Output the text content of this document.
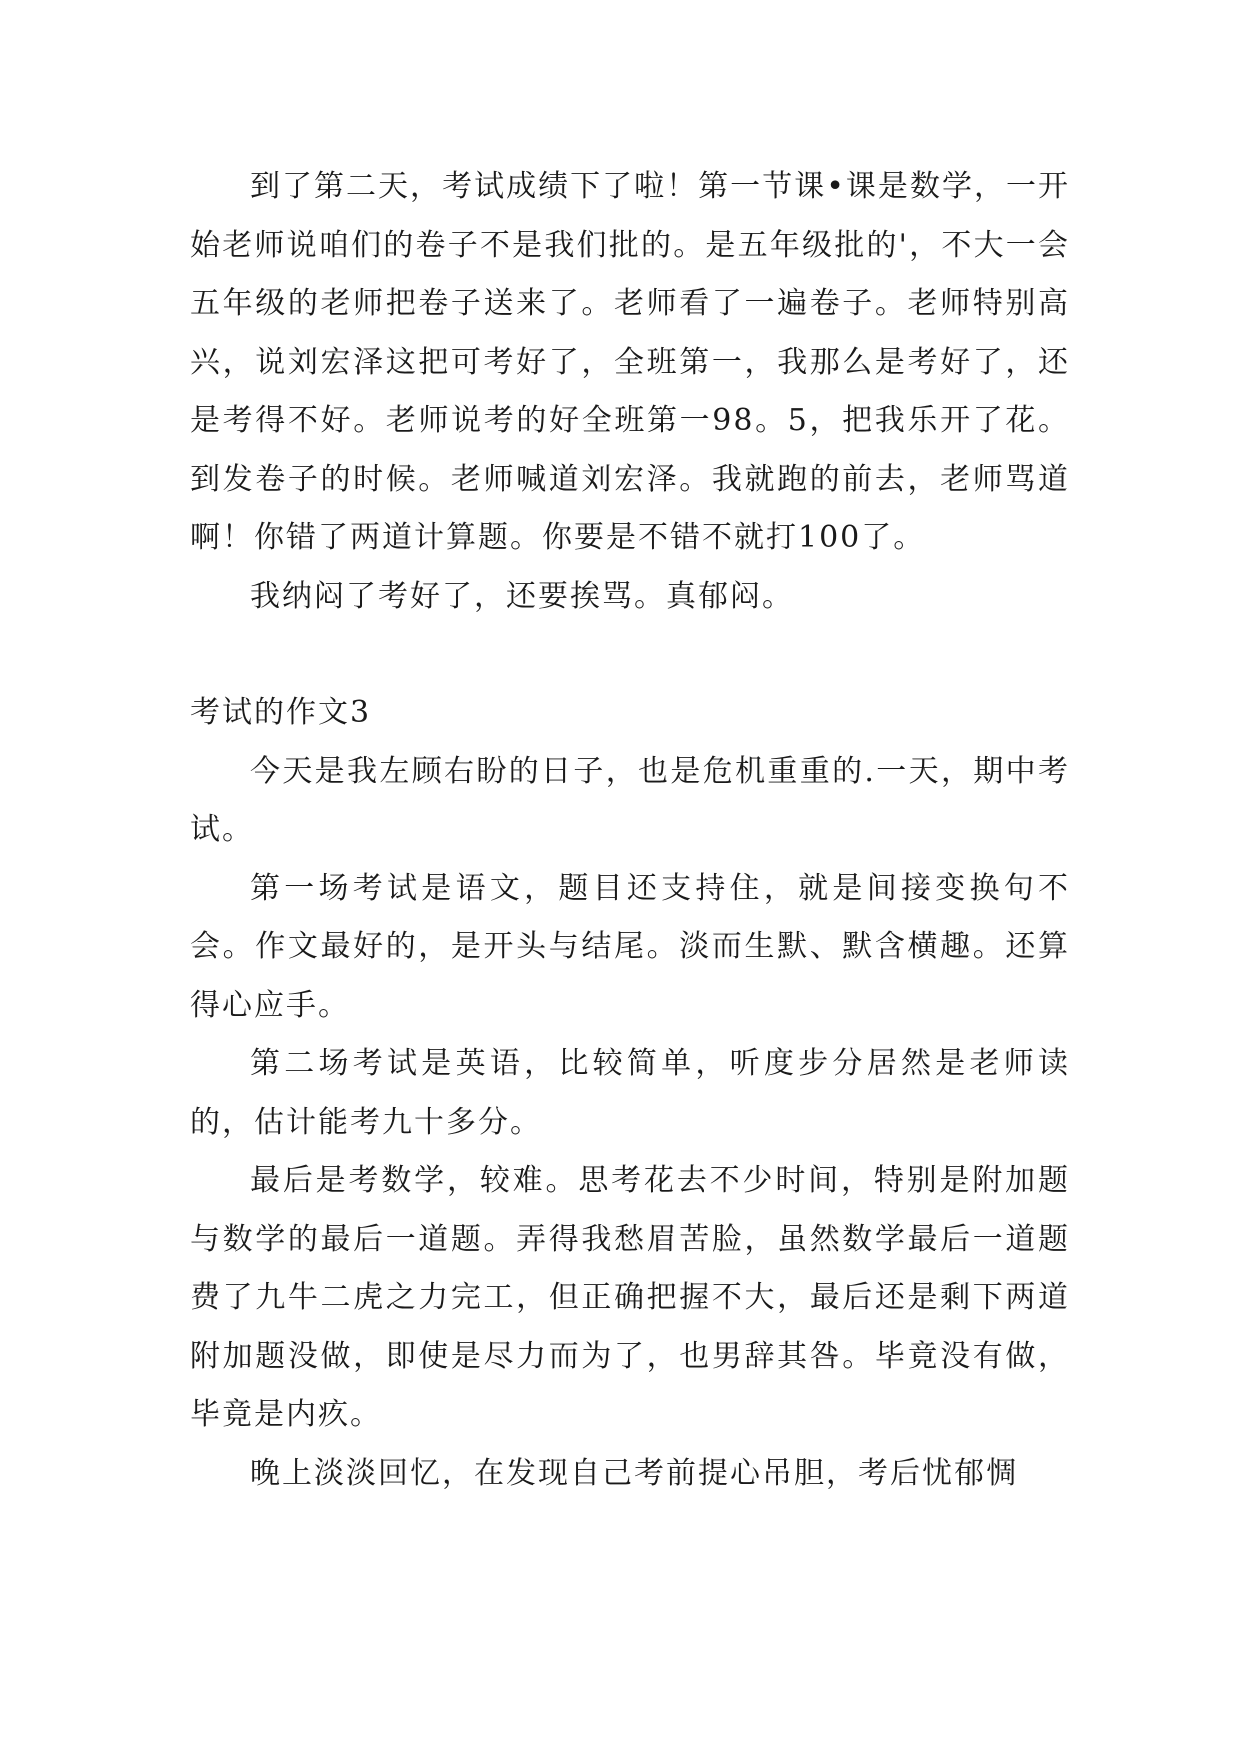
到了第二天，考试成绩下了啦！第一节课•课是数学，一开始老师说咱们的卷子不是我们批的。是五年级批的'，不大一会五年级的老师把卷子送来了。老师看了一遍卷子。老师特别高兴，说刘宏泽这把可考好了，全班第一，我那么是考好了，还是考得不好。老师说考的好全班第一98。5，把我乐开了花。到发卷子的时候。老师喊道刘宏泽。我就跑的前去，老师骂道啊！你错了两道计算题。你要是不错不就打100了。

我纳闷了考好了，还要挨骂。真郁闷。

考试的作文3

今天是我左顾右盼的日子，也是危机重重的.一天，期中考试。

第一场考试是语文，题目还支持住，就是间接变换句不会。作文最好的，是开头与结尾。淡而生默、默含横趣。还算得心应手。

第二场考试是英语，比较简单，听度步分居然是老师读的，估计能考九十多分。

最后是考数学，较难。思考花去不少时间，特别是附加题与数学的最后一道题。弄得我愁眉苦脸，虽然数学最后一道题费了九牛二虎之力完工，但正确把握不大，最后还是剩下两道附加题没做，即使是尽力而为了，也男辞其咎。毕竟没有做，毕竟是内疚。

晚上淡淡回忆，在发现自己考前提心吊胆，考后忧郁惆
